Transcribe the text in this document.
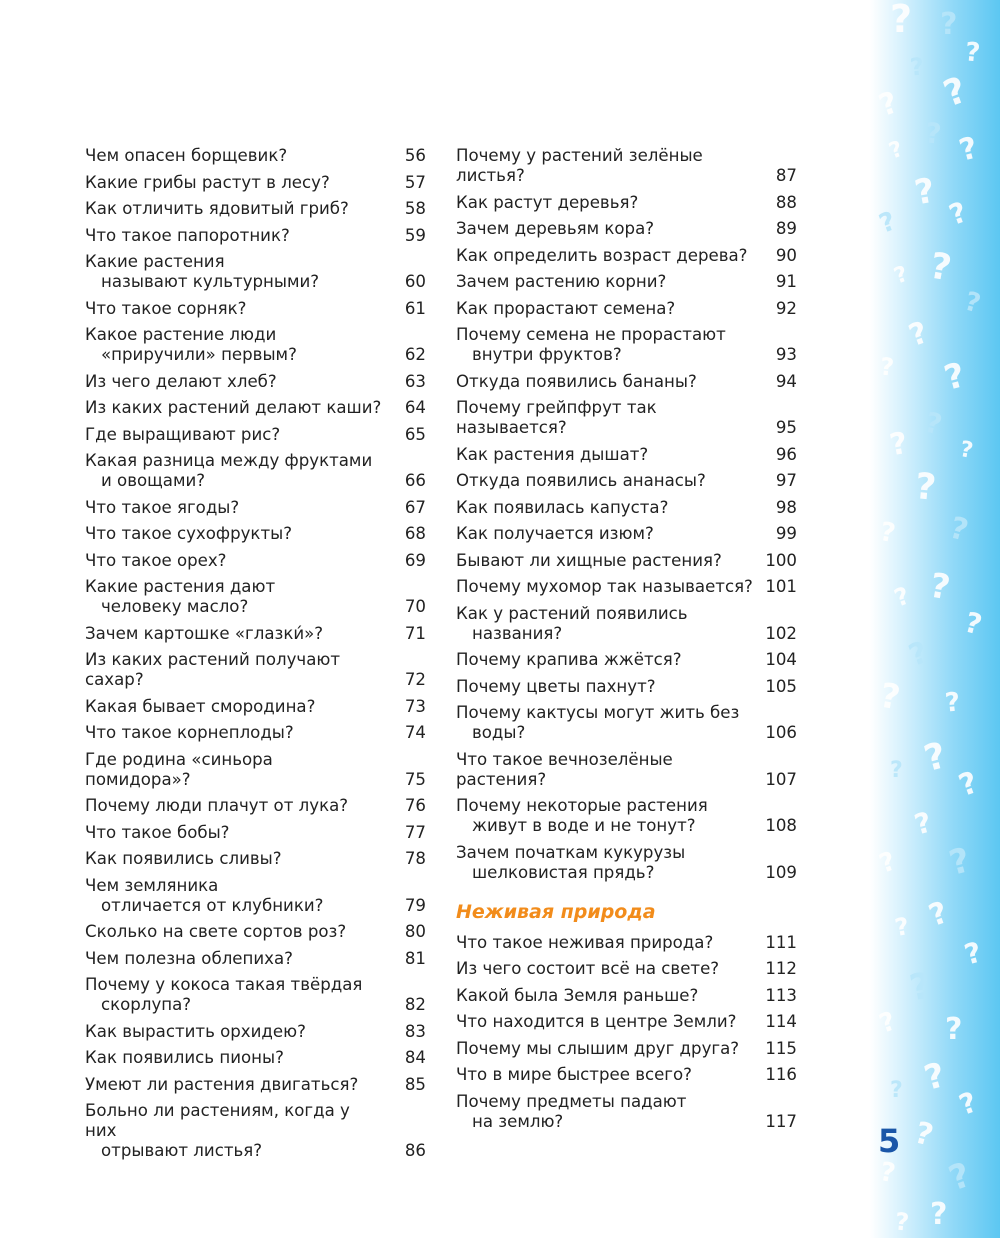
? ?
?
?
? ?
?
? ?
?
? ?
?
?
?
?
? ?
?
? ?
?
? ?
?
?
?
?
? ?
?
? ?
?
? ?
?
?
?
?
? ?
?
? ?
?
? ?
?
?
Чем опасен борщевик?	56
Какие грибы растут в лесу?	57
Как отличить ядовитый гриб?	58
Что такое папоротник?	59
Какие растения
называют культурными?	60
Что такое сорняк?	61
Какое растение люди
«приручили» первым?	62
Из чего делают хлеб?	63
Из каких растений делают каши?	64
Где выращивают рис?	65
Какая разница между фруктами
и овощами?	66
Что такое ягоды?	67
Что такое сухофрукты?	68
Что такое орех?	69
Какие растения дают
человеку масло?	70
Зачем картошке «глазки́»?	71
Из каких растений получают сахар?	72
Какая бывает смородина?	73
Что такое корнеплоды?	74
Где родина «синьора помидора»?	75
Почему люди плачут от лука?	76
Что такое бобы?	77
Как появились сливы?	78
Чем земляника
отличается от клубники?	79
Сколько на свете сортов роз?	80
Чем полезна облепиха?	81
Почему у кокоса такая твёрдая
скорлупа?	82
Как вырастить орхидею?	83
Как появились пионы?	84
Умеют ли растения двигаться?	85
Больно ли растениям, когда у них
отрывают листья?	86
Почему у растений зелёные листья?	87
Как растут деревья?	88
Зачем деревьям кора?	89
Как определить возраст дерева?	90
Зачем растению корни?	91
Как прорастают семена?	92
Почему семена не прорастают
внутри фруктов?	93
Откуда появились бананы?	94
Почему грейпфрут так называется?	95
Как растения дышат?	96
Откуда появились ананасы?	97
Как появилась капуста?	98
Как получается изюм?	99
Бывают ли хищные растения?	100
Почему мухомор так называется? 101
Как у растений появились
названия?	102
Почему крапива жжётся?	104
Почему цветы пахнут?	105
Почему кактусы могут жить без
воды?	106
Что такое вечнозелёные растения?	107
Почему некоторые растения
живут в воде и не тонут?	108
Зачем початкам кукурузы
шелковистая прядь?	109
Неживая природа
Что такое неживая природа?	111
Из чего состоит всё на свете?	112
Какой была Земля раньше?	113
Что находится в центре Земли?	114
Почему мы слышим друг друга?	115
Что в мире быстрее всего?	116
Почему предметы падают
на землю?	117
5
